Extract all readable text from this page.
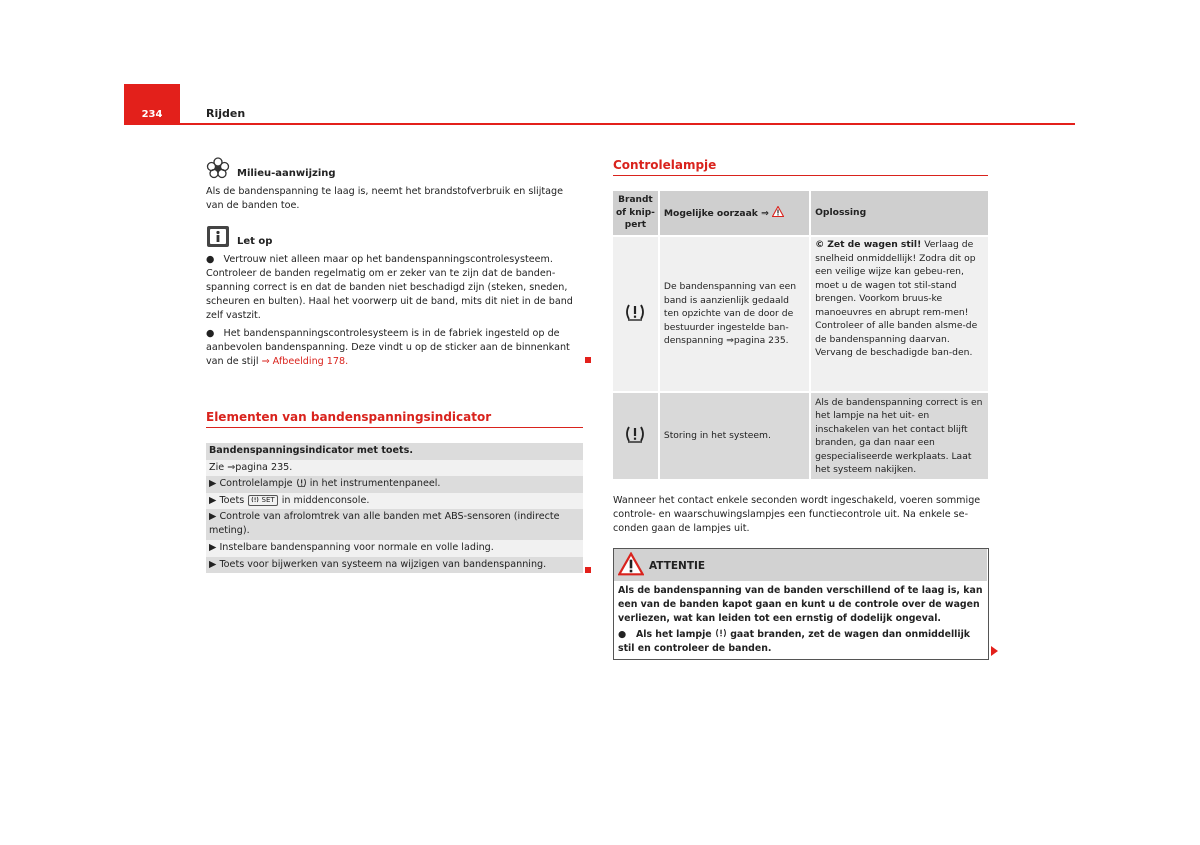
234	Rijden
Milieu-aanwijzing
Als de bandenspanning te laag is, neemt het brandstofverbruik en slijtage van de banden toe.
Let op
●   Vertrouw niet alleen maar op het bandenspanningscontrolesysteem. Controleer de banden regelmatig om er zeker van te zijn dat de banden-spanning correct is en dat de banden niet beschadigd zijn (steken, sneden, scheuren en bulten). Haal het voorwerp uit de band, mits dit niet in de band zelf vastzit.
●   Het bandenspanningscontrolesysteem is in de fabriek ingesteld op de aanbevolen bandenspanning. Deze vindt u op de sticker aan de binnenkant van de stijl ⇒ Afbeelding 178.
Elementen van bandenspanningsindicator
Bandenspanningsindicator met toets.
Zie ⇒pagina 235.
▶ Controlelampje in het instrumentenpaneel.
▶ Toets SET in middenconsole.
▶ Controle van afrolomtrek van alle banden met ABS-sensoren (indirecte meting).
▶ Instelbare bandenspanning voor normale en volle lading.
▶ Toets voor bijwerken van systeem na wijzigen van bandenspanning.
Controlelampje
Brandt of knip-pert	Mogelijke oorzaak ⇒	Oplossing
	De bandenspanning van een band is aanzienlijk gedaald ten opzichte van de door de bestuurder ingestelde ban-denspanning ⇒pagina 235.	© Zet de wagen stil! Verlaag de snelheid onmiddellijk! Zodra dit op een veilige wijze kan gebeu-ren, moet u de wagen tot stil-stand brengen. Voorkom bruus-ke manoeuvres en abrupt rem-men!
Controleer of alle banden alsme-de de bandenspanning daarvan. Vervang de beschadigde ban-den.
	Storing in het systeem.	Als de bandenspanning correct is en het lampje na het uit- en inschakelen van het contact blijft branden, ga dan naar een gespecialiseerde werkplaats. Laat het systeem nakijken.
Wanneer het contact enkele seconden wordt ingeschakeld, voeren sommige controle- en waarschuwingslampjes een functiecontrole uit. Na enkele se-conden gaan de lampjes uit.
ATTENTIE
Als de bandenspanning van de banden verschillend of te laag is, kan een van de banden kapot gaan en kunt u de controle over de wagen verliezen, wat kan leiden tot een ernstig of dodelijk ongeval.
●   Als het lampje gaat branden, zet de wagen dan onmiddellijk stil en controleer de banden.
